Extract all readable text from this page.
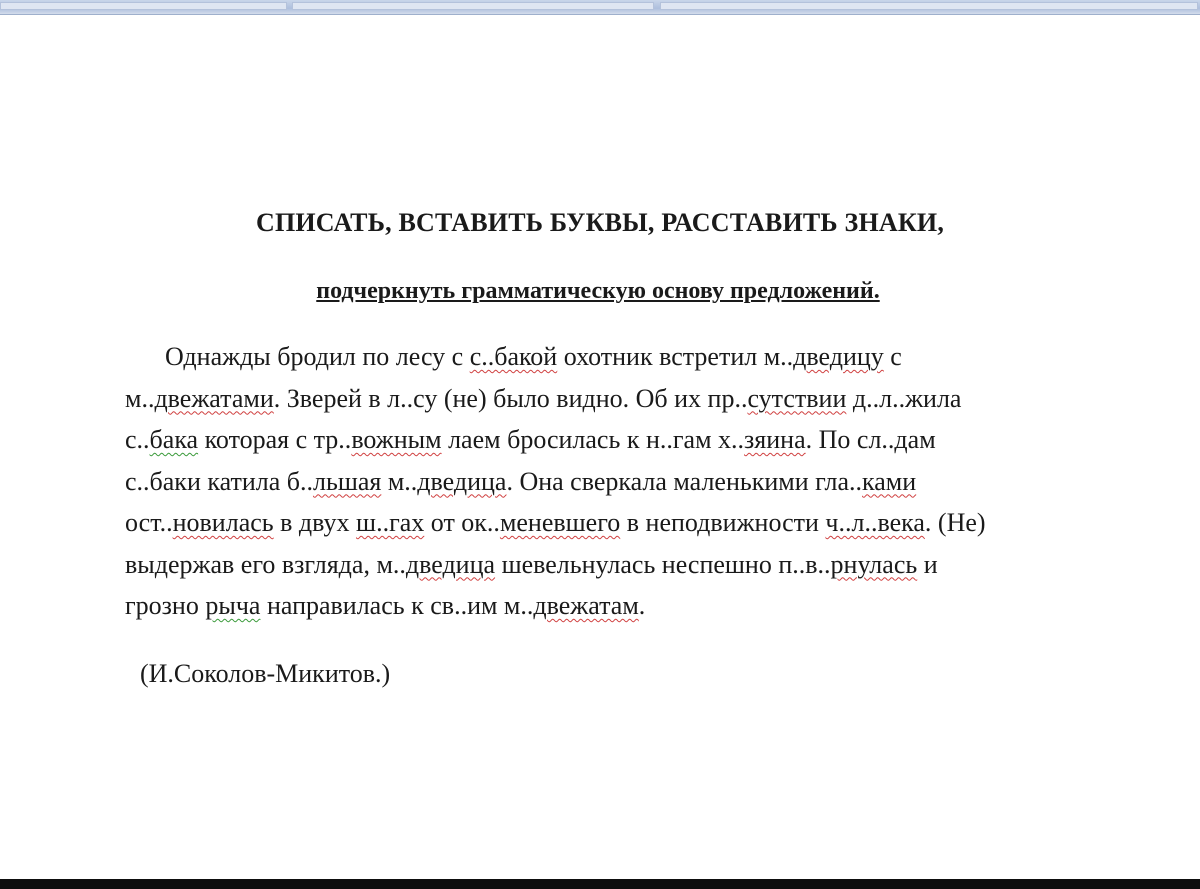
СПИСАТЬ, ВСТАВИТЬ БУКВЫ, РАССТАВИТЬ ЗНАКИ,
подчеркнуть грамматическую основу предложений.
Однажды бродил по лесу с с..бакой охотник встретил м..дведицу с
м..двежатами. Зверей в л..су (не) было видно. Об их пр..сутствии д..л..жила
с..бака которая с тр..вожным лаем бросилась к н..гам х..зяина. По сл..дам
с..баки катила б..льшая м..дведица. Она сверкала маленькими гла..ками
ост..новилась в двух ш..гах от ок..меневшего в неподвижности ч..л..века. (Не)
выдержав его взгляда, м..дведица шевельнулась неспешно п..в..рнулась и
грозно рыча направилась к св..им м..двежатам.
(И.Соколов-Микитов.)
